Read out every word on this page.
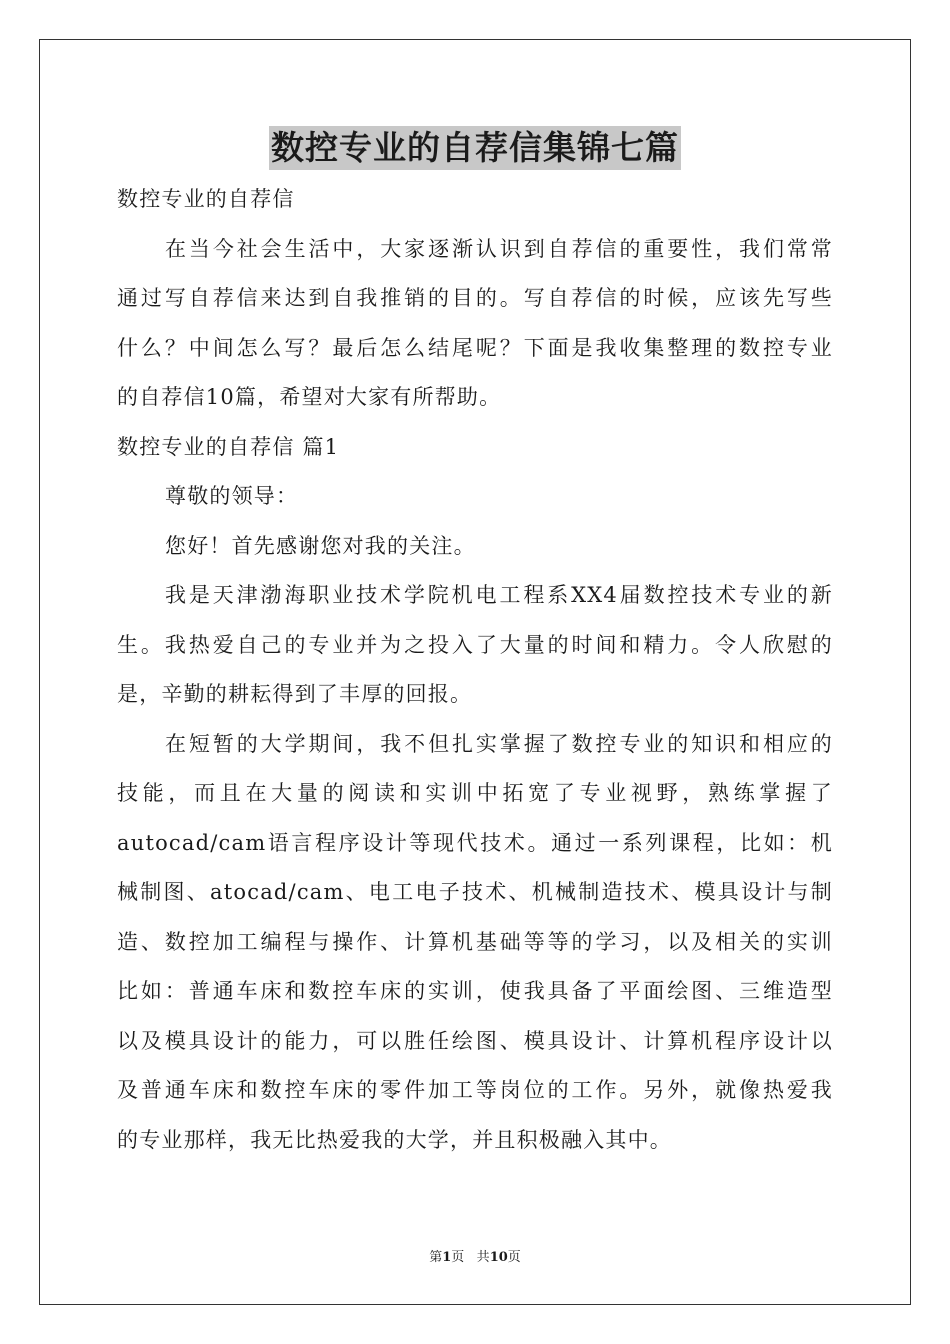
数控专业的自荐信集锦七篇
数控专业的自荐信
在当今社会生活中，大家逐渐认识到自荐信的重要性，我们常常
通过写自荐信来达到自我推销的目的。写自荐信的时候，应该先写些
什么？中间怎么写？最后怎么结尾呢？下面是我收集整理的数控专业
的自荐信10篇，希望对大家有所帮助。
数控专业的自荐信 篇1
尊敬的领导：
您好！首先感谢您对我的关注。
我是天津渤海职业技术学院机电工程系XX4届数控技术专业的新
生。我热爱自己的专业并为之投入了大量的时间和精力。令人欣慰的
是，辛勤的耕耘得到了丰厚的回报。
在短暂的大学期间，我不但扎实掌握了数控专业的知识和相应的
技能，而且在大量的阅读和实训中拓宽了专业视野，熟练掌握了
autocad/cam语言程序设计等现代技术。通过一系列课程，比如：机
械制图、atocad/cam、电工电子技术、机械制造技术、模具设计与制
造、数控加工编程与操作、计算机基础等等的学习，以及相关的实训
比如：普通车床和数控车床的实训，使我具备了平面绘图、三维造型
以及模具设计的能力，可以胜任绘图、模具设计、计算机程序设计以
及普通车床和数控车床的零件加工等岗位的工作。另外，就像热爱我
的专业那样，我无比热爱我的大学，并且积极融入其中。
第1页 共10页
